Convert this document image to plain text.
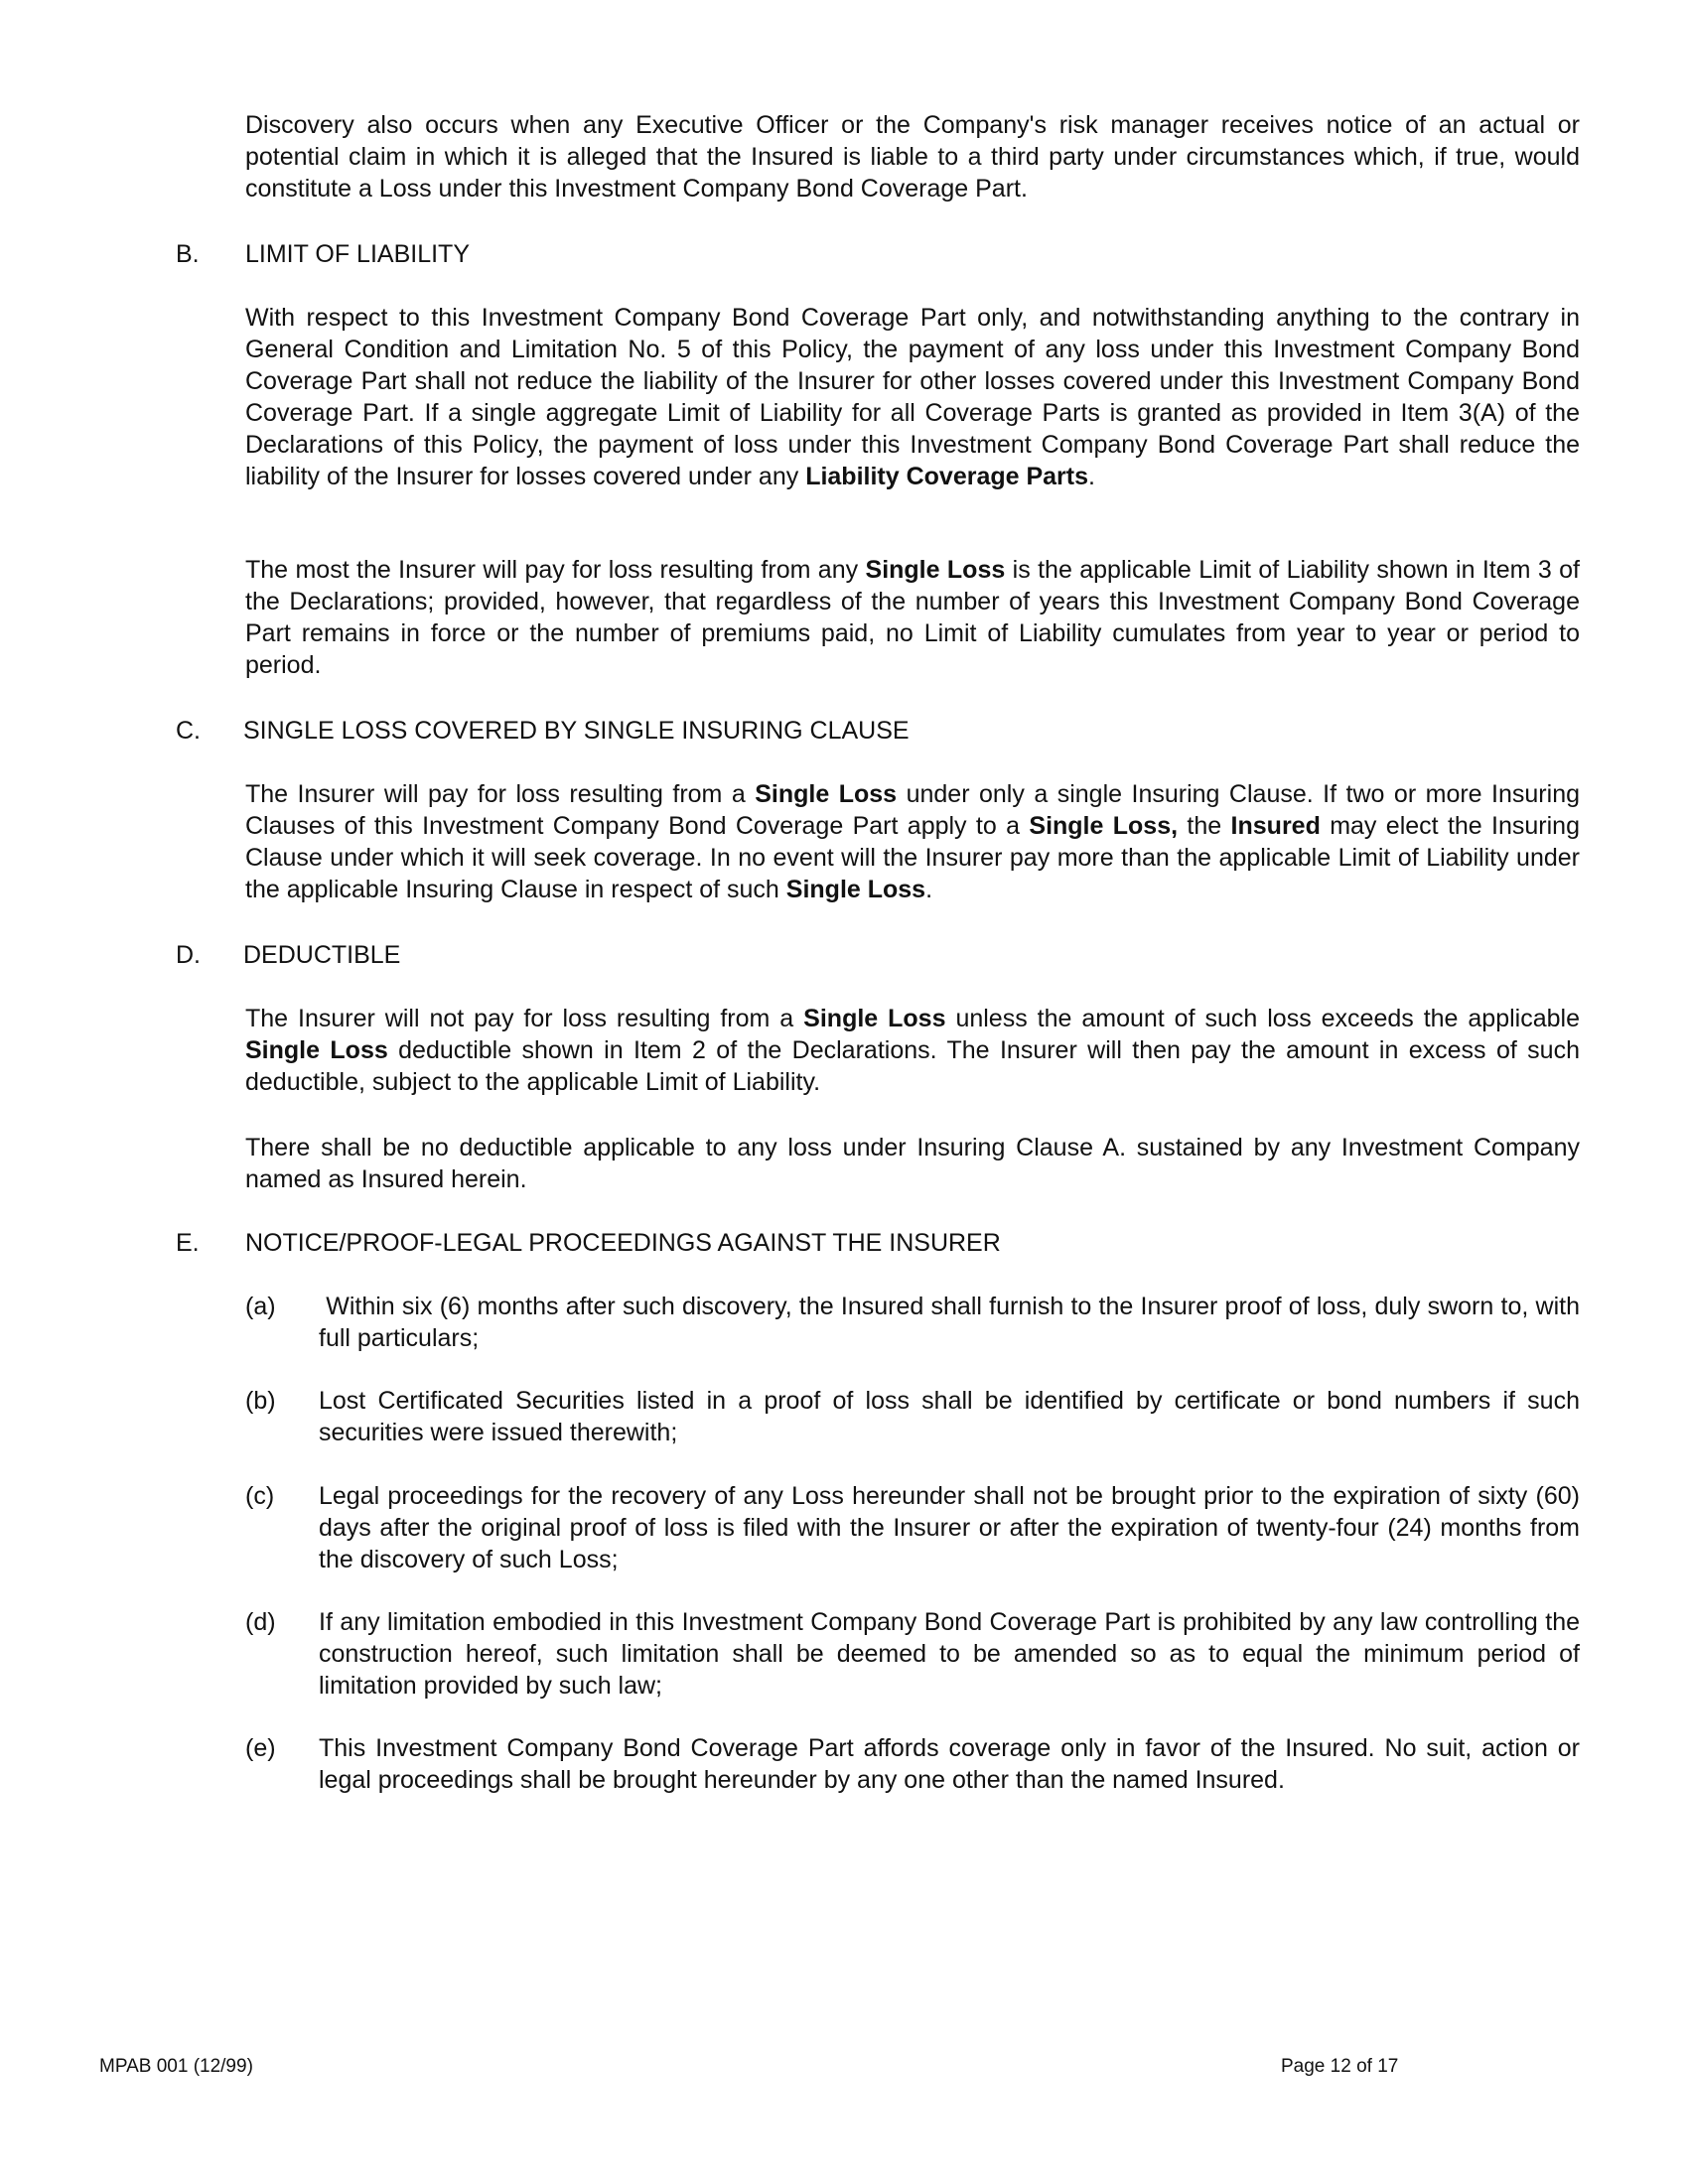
Discovery also occurs when any Executive Officer or the Company's risk manager receives notice of an actual or potential claim in which it is alleged that the Insured is liable to a third party under circumstances which, if true, would constitute a Loss under this Investment Company Bond Coverage Part.

B. LIMIT OF LIABILITY

With respect to this Investment Company Bond Coverage Part only, and notwithstanding anything to the contrary in General Condition and Limitation No. 5 of this Policy, the payment of any loss under this Investment Company Bond Coverage Part shall not reduce the liability of the Insurer for other losses covered under this Investment Company Bond Coverage Part. If a single aggregate Limit of Liability for all Coverage Parts is granted as provided in Item 3(A) of the Declarations of this Policy, the payment of loss under this Investment Company Bond Coverage Part shall reduce the liability of the Insurer for losses covered under any Liability Coverage Parts.

The most the Insurer will pay for loss resulting from any Single Loss is the applicable Limit of Liability shown in Item 3 of the Declarations; provided, however, that regardless of the number of years this Investment Company Bond Coverage Part remains in force or the number of premiums paid, no Limit of Liability cumulates from year to year or period to period.

C. SINGLE LOSS COVERED BY SINGLE INSURING CLAUSE

The Insurer will pay for loss resulting from a Single Loss under only a single Insuring Clause. If two or more Insuring Clauses of this Investment Company Bond Coverage Part apply to a Single Loss, the Insured may elect the Insuring Clause under which it will seek coverage. In no event will the Insurer pay more than the applicable Limit of Liability under the applicable Insuring Clause in respect of such Single Loss.

D. DEDUCTIBLE

The Insurer will not pay for loss resulting from a Single Loss unless the amount of such loss exceeds the applicable Single Loss deductible shown in Item 2 of the Declarations. The Insurer will then pay the amount in excess of such deductible, subject to the applicable Limit of Liability.

There shall be no deductible applicable to any loss under Insuring Clause A. sustained by any Investment Company named as Insured herein.

E. NOTICE/PROOF-LEGAL PROCEEDINGS AGAINST THE INSURER
(a) Within six (6) months after such discovery, the Insured shall furnish to the Insurer proof of loss, duly sworn to, with full particulars;
(b) Lost Certificated Securities listed in a proof of loss shall be identified by certificate or bond numbers if such securities were issued therewith;
(c) Legal proceedings for the recovery of any Loss hereunder shall not be brought prior to the expiration of sixty (60) days after the original proof of loss is filed with the Insurer or after the expiration of twenty-four (24) months from the discovery of such Loss;
(d) If any limitation embodied in this Investment Company Bond Coverage Part is prohibited by any law controlling the construction hereof, such limitation shall be deemed to be amended so as to equal the minimum period of limitation provided by such law;
(e) This Investment Company Bond Coverage Part affords coverage only in favor of the Insured. No suit, action or legal proceedings shall be brought hereunder by any one other than the named Insured.
MPAB 001 (12/99)	Page 12 of 17
